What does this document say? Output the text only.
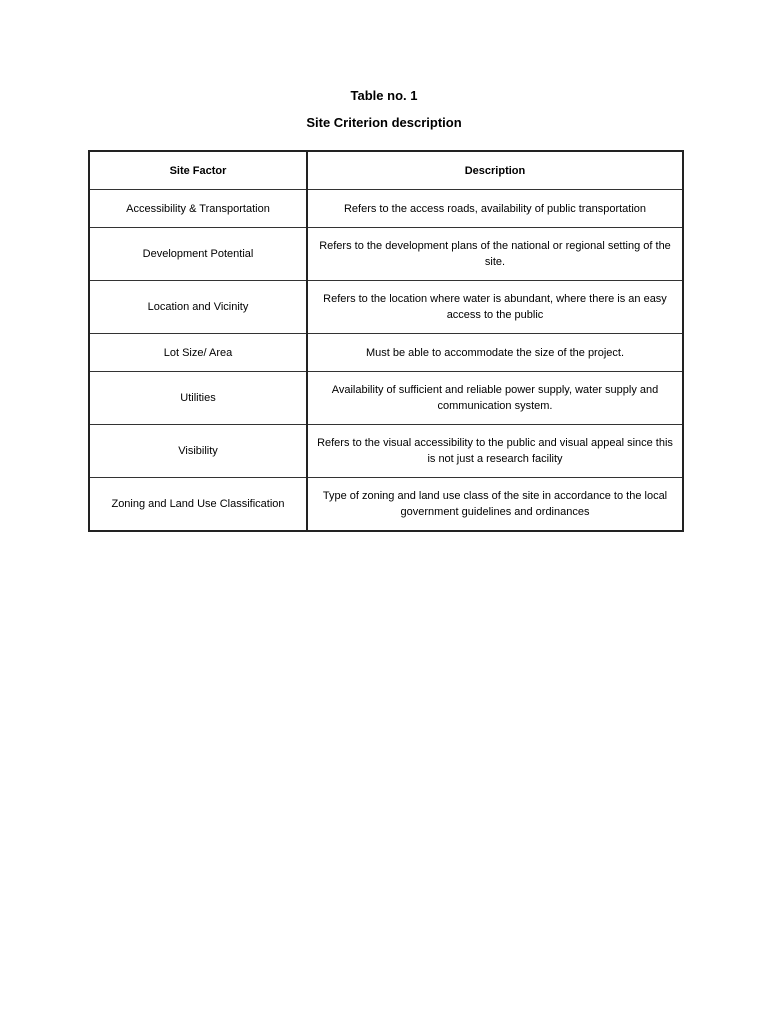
Table no. 1
Site Criterion description
Site Factor	Description
Accessibility & Transportation	Refers to the access roads, availability of public transportation
Development Potential	Refers to the development plans of the national or regional setting of the site.
Location and Vicinity	Refers to the location where water is abundant, where there is an easy access to the public
Lot Size/ Area	Must be able to accommodate the size of the project.
Utilities	Availability of sufficient and reliable power supply, water supply and communication system.
Visibility	Refers to the visual accessibility to the public and visual appeal since this is not just a research facility
Zoning and Land Use Classification	Type of zoning and land use class of the site in accordance to the local government guidelines and ordinances
